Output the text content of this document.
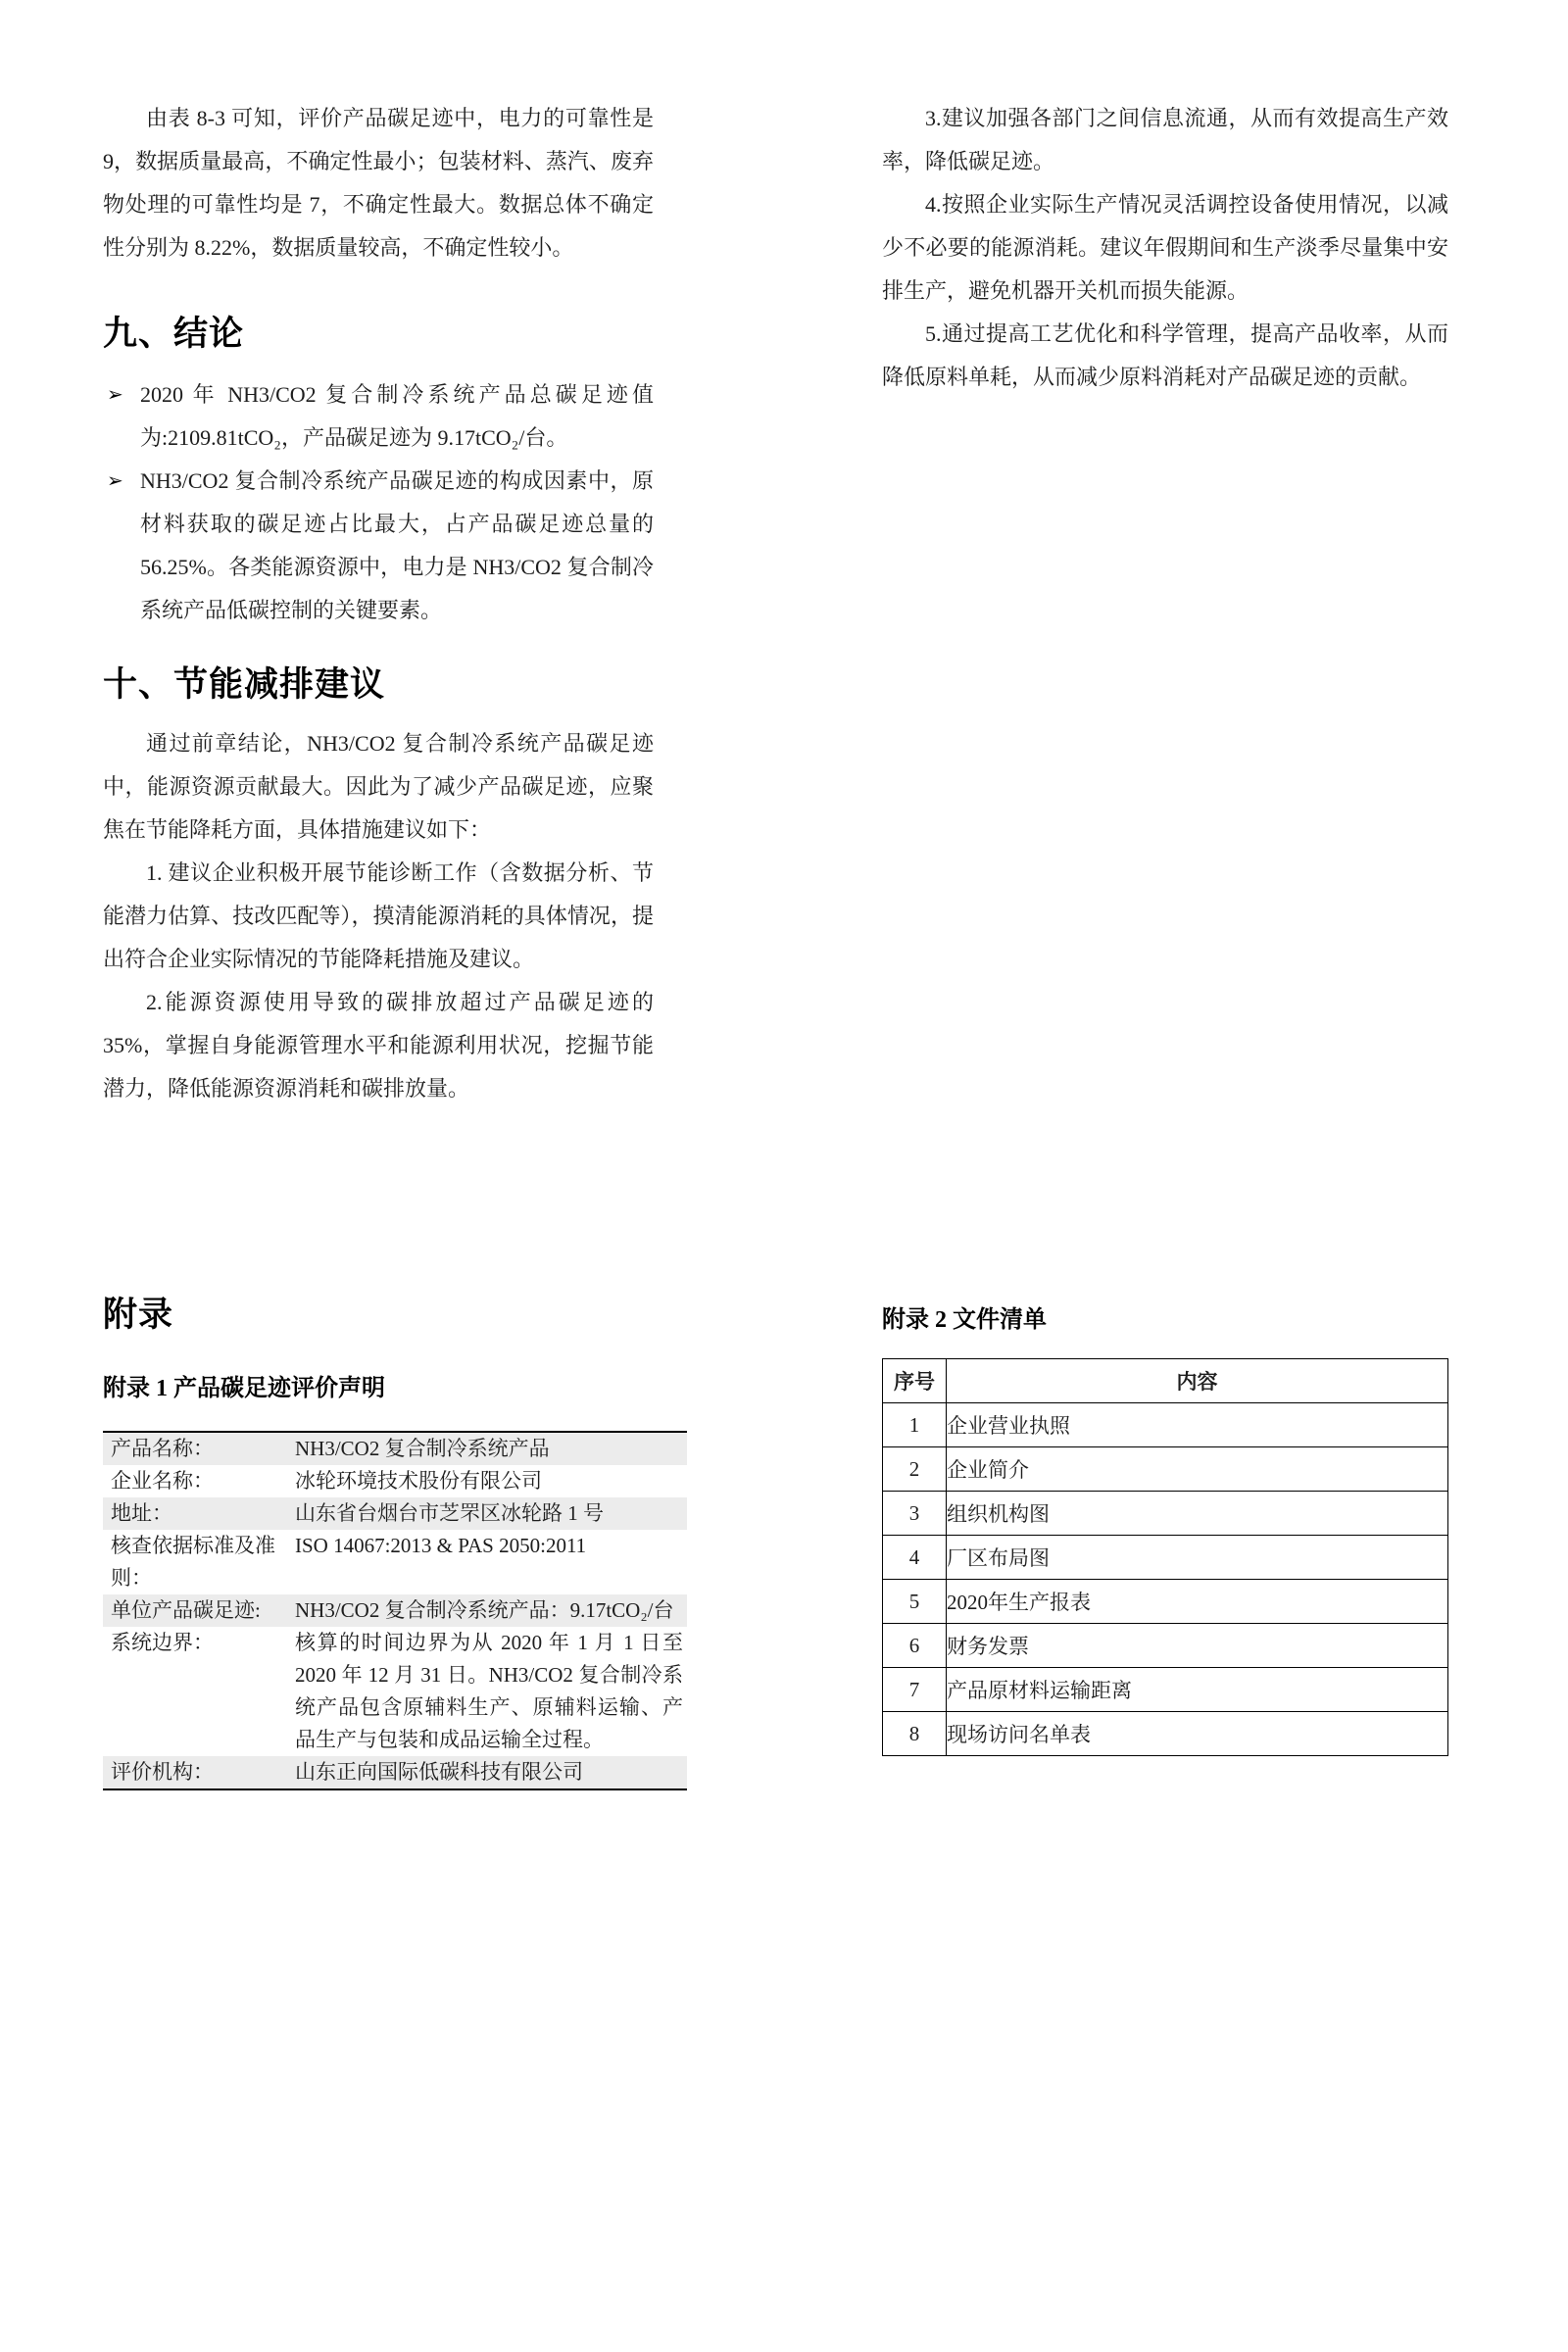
由表 8-3 可知，评价产品碳足迹中，电力的可靠性是 9，数据质量最高，不确定性最小；包装材料、蒸汽、废弃物处理的可靠性均是 7，不确定性最大。数据总体不确定性分别为 8.22%，数据质量较高，不确定性较小。

九、结论
➢ 2020 年 NH3/CO2 复合制冷系统产品总碳足迹值为:2109.81tCO₂，产品碳足迹为 9.17tCO₂/台。
➢ NH3/CO2 复合制冷系统产品碳足迹的构成因素中，原材料获取的碳足迹占比最大，占产品碳足迹总量的 56.25%。各类能源资源中，电力是 NH3/CO2 复合制冷系统产品低碳控制的关键要素。
十、节能减排建议

通过前章结论，NH3/CO2 复合制冷系统产品碳足迹中，能源资源贡献最大。因此为了减少产品碳足迹，应聚焦在节能降耗方面，具体措施建议如下：

1. 建议企业积极开展节能诊断工作（含数据分析、节能潜力估算、技改匹配等），摸清能源消耗的具体情况，提出符合企业实际情况的节能降耗措施及建议。

2.能源资源使用导致的碳排放超过产品碳足迹的 35%，掌握自身能源管理水平和能源利用状况，挖掘节能潜力，降低能源资源消耗和碳排放量。

3.建议加强各部门之间信息流通，从而有效提高生产效率，降低碳足迹。

4.按照企业实际生产情况灵活调控设备使用情况，以减少不必要的能源消耗。建议年假期间和生产淡季尽量集中安排生产，避免机器开关机而损失能源。

5.通过提高工艺优化和科学管理，提高产品收率，从而降低原料单耗，从而减少原料消耗对产品碳足迹的贡献。

附录
附录 1 产品碳足迹评价声明
产品名称：	NH3/CO2 复合制冷系统产品
企业名称：	冰轮环境技术股份有限公司
地址：	山东省台烟台市芝罘区冰轮路 1 号
核查依据标准及准则：
ISO 14067:2013 & PAS 2050:2011
单位产品碳足迹:	NH3/CO2 复合制冷系统产品：9.17tCO₂/台
系统边界：	核算的时间边界为从 2020 年 1 月 1 日至 2020 年 12 月 31 日。NH3/CO2 复合制冷系统产品包含原辅料生产、原辅料运输、产品生产与包装和成品运输全过程。
评价机构：	山东正向国际低碳科技有限公司
附录 2 文件清单
序号	内容
1	企业营业执照
2	企业简介
3	组织机构图
4	厂区布局图
5	2020年生产报表
6	财务发票
7	产品原材料运输距离
8	现场访问名单表
